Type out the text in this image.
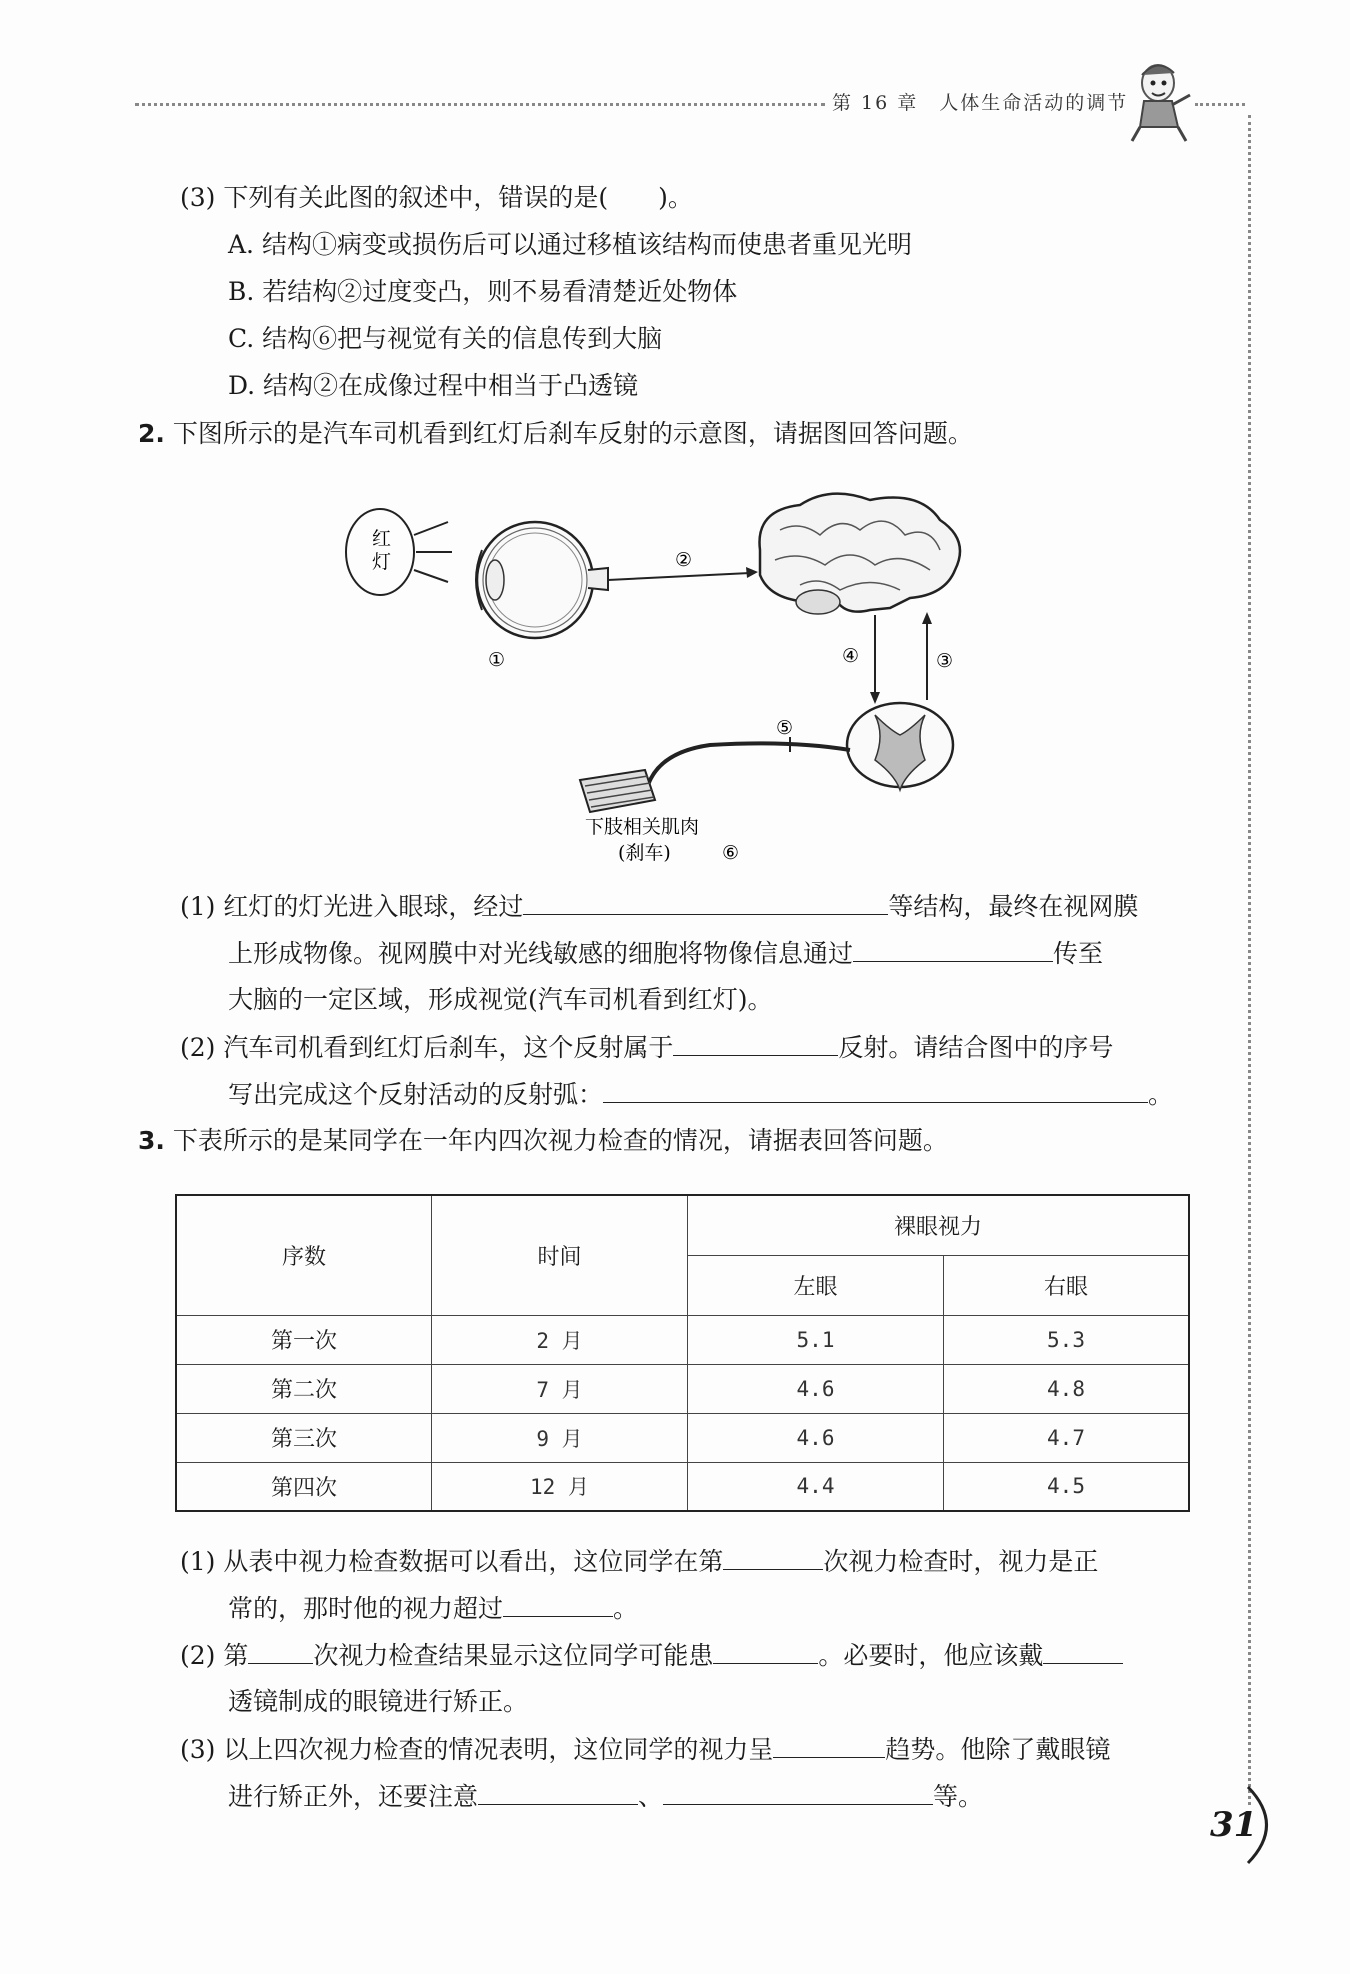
第 16 章　人体生命活动的调节
(3) 下列有关此图的叙述中，错误的是(　　)。
A. 结构①病变或损伤后可以通过移植该结构而使患者重见光明
B. 若结构②过度变凸，则不易看清楚近处物体
C. 结构⑥把与视觉有关的信息传到大脑
D. 结构②在成像过程中相当于凸透镜
2. 下图所示的是汽车司机看到红灯后刹车反射的示意图，请据图回答问题。
红
灯
①
②
④	③
⑤
下肢相关肌肉
(刹车)	⑥
(1) 红灯的灯光进入眼球，经过	等结构，最终在视网膜
上形成物像。视网膜中对光线敏感的细胞将物像信息通过	传至
大脑的一定区域，形成视觉(汽车司机看到红灯)。
(2) 汽车司机看到红灯后刹车，这个反射属于	反射。请结合图中的序号
写出完成这个反射活动的反射弧：	。
3. 下表所示的是某同学在一年内四次视力检查的情况，请据表回答问题。
序数	时间	裸眼视力	
		左眼	右眼
第一次	2 月	5.1	5.3
第二次	7 月	4.6	4.8
第三次	9 月	4.6	4.7
第四次	12 月	4.4	4.5
(1) 从表中视力检查数据可以看出，这位同学在第	次视力检查时，视力是正
常的，那时他的视力超过	。
(2) 第	次视力检查结果显示这位同学可能患	。必要时，他应该戴
透镜制成的眼镜进行矫正。
(3) 以上四次视力检查的情况表明，这位同学的视力呈	趋势。他除了戴眼镜
进行矫正外，还要注意	、	等。
31
